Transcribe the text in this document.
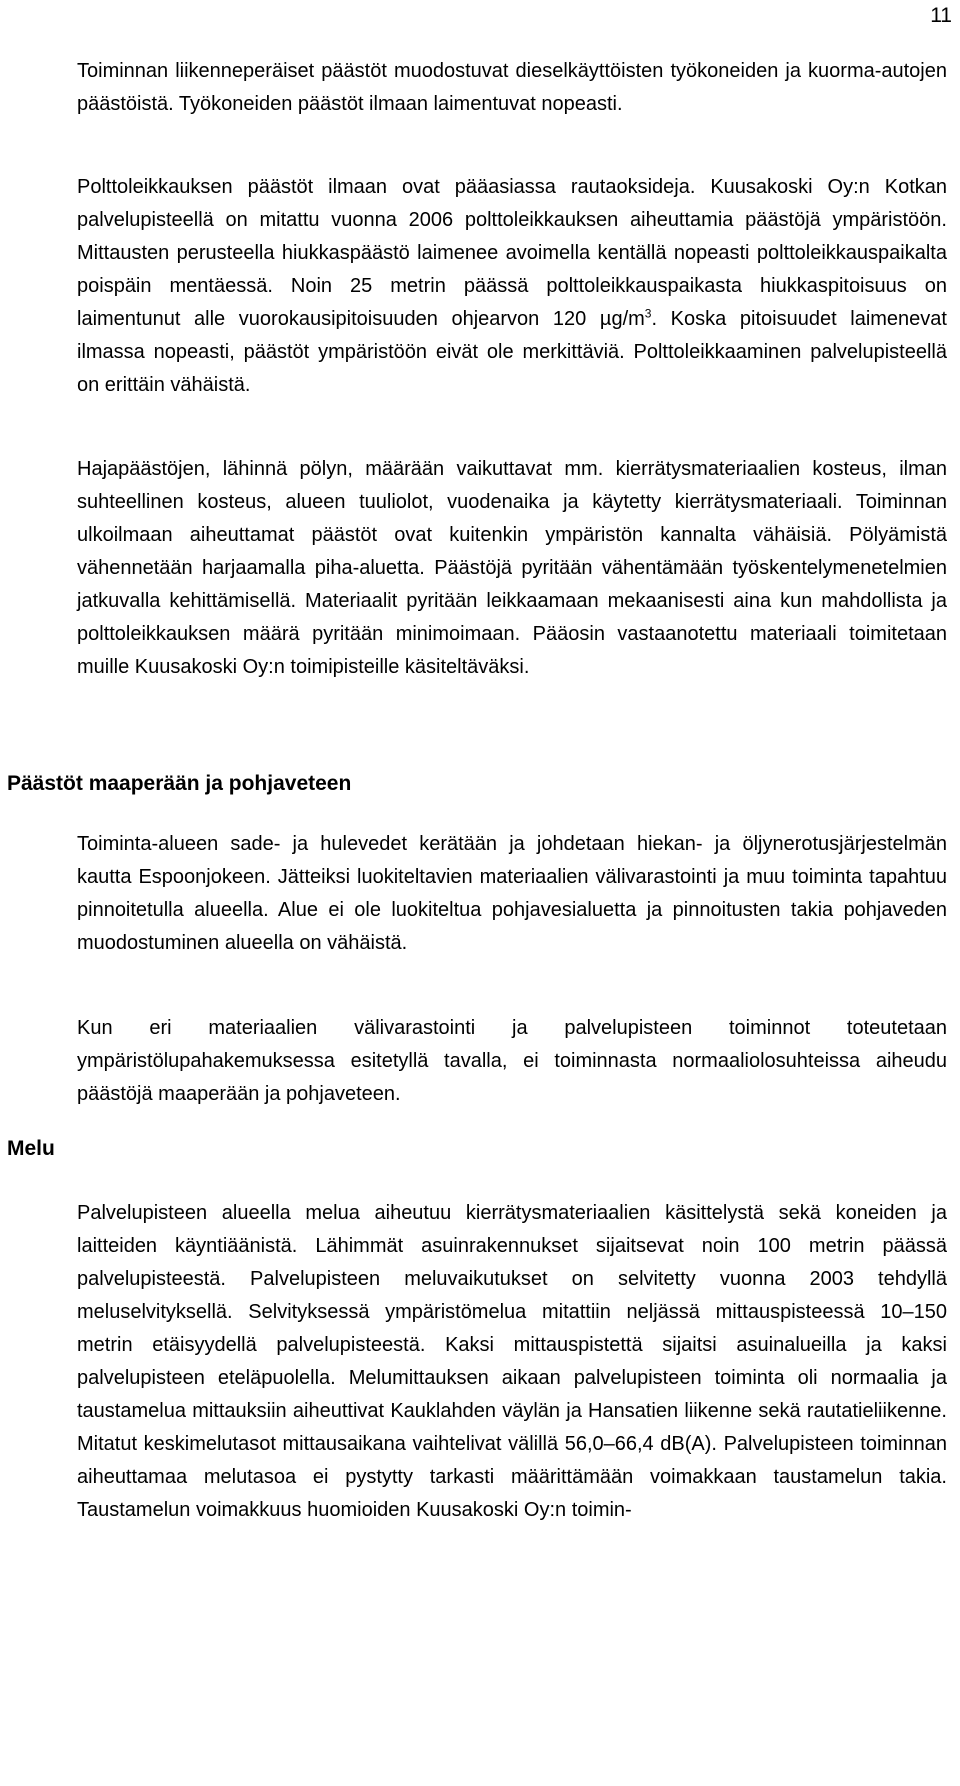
11
Toiminnan liikenneperäiset päästöt muodostuvat dieselkäyttöisten työkoneiden ja kuorma-autojen päästöistä. Työkoneiden päästöt ilmaan laimentuvat nopeasti.
Polttoleikkauksen päästöt ilmaan ovat pääasiassa rautaoksideja. Kuusakoski Oy:n Kotkan palvelupisteellä on mitattu vuonna 2006 polttoleikkauksen aiheuttamia päästöjä ympäristöön. Mittausten perusteella hiukkaspäästö laimenee avoimella kentällä nopeasti polttoleikkauspaikalta poispäin mentäessä. Noin 25 metrin päässä polttoleikkauspaikasta hiukkaspitoisuus on laimentunut alle vuorokausipitoisuuden ohjearvon 120 $\mu g/m^3$. Koska pitoisuudet laimenevat ilmassa nopeasti, päästöt ympäristöön eivät ole merkittäviä. Polttoleikkaaminen palvelupisteellä on erittäin vähäistä.
Hajapäästöjen, lähinnä pölyn, määrään vaikuttavat mm. kierrätysmateriaalien kosteus, ilman suhteellinen kosteus, alueen tuuliolot, vuodenaika ja käytetty kierrätysmateriaali. Toiminnan ulkoilmaan aiheuttamat päästöt ovat kuitenkin ympäristön kannalta vähäisiä. Pölyämistä vähennetään harjaamalla piha-aluetta. Päästöjä pyritään vähentämään työskentelymenetelmien jatkuvalla kehittämisellä. Materiaalit pyritään leikkaamaan mekaanisesti aina kun mahdollista ja polttoleikkauksen määrä pyritään minimoimaan. Pääosin vastaanotettu materiaali toimitetaan muille Kuusakoski Oy:n toimipisteille käsiteltäväksi.
Päästöt maaperään ja pohjaveteen
Toiminta-alueen sade- ja hulevedet kerätään ja johdetaan hiekan- ja öljynerotusjärjestelmän kautta Espoonjokeen. Jätteiksi luokiteltavien materiaalien välivarastointi ja muu toiminta tapahtuu pinnoitetulla alueella. Alue ei ole luokiteltua pohjavesialuetta ja pinnoitusten takia pohjaveden muodostuminen alueella on vähäistä.
Kun eri materiaalien välivarastointi ja palvelupisteen toiminnot toteutetaan ympäristölupahakemuksessa esitetyllä tavalla, ei toiminnasta normaaliolosuhteissa aiheudu päästöjä maaperään ja pohjaveteen.
Melu
Palvelupisteen alueella melua aiheutuu kierrätysmateriaalien käsittelystä sekä koneiden ja laitteiden käyntiäänistä. Lähimmät asuinrakennukset sijaitsevat noin 100 metrin päässä palvelupisteestä. Palvelupisteen meluvaikutukset on selvitetty vuonna 2003 tehdyllä meluselvityksellä. Selvityksessä ympäristömelua mitattiin neljässä mittauspisteessä 10–150 metrin etäisyydellä palvelupisteestä. Kaksi mittauspistettä sijaitsi asuinalueilla ja kaksi palvelupisteen eteläpuolella. Melumittauksen aikaan palvelupisteen toiminta oli normaalia ja taustamelua mittauksiin aiheuttivat Kauklahden väylän ja Hansatien liikenne sekä rautatieliikenne. Mitatut keskimelutasot mittausaikana vaihtelivat välillä 56,0–66,4 dB(A). Palvelupisteen toiminnan aiheuttamaa melutasoa ei pystytty tarkasti määrittämään voimakkaan taustamelun takia. Taustamelun voimakkuus huomioiden Kuusakoski Oy:n toimin-
